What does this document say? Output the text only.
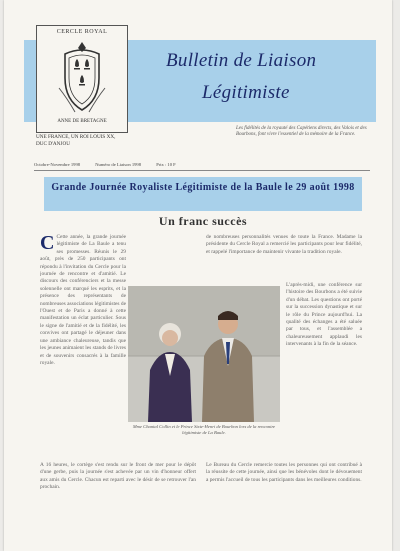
CERCLE ROYAL
ANNE DE BRETAGNE
Bulletin de Liaison
Légitimiste
UNE FRANCE, UN ROI LOUIS XX, DUC D'ANJOU
Les fidélités de la royauté des Capétiens directs, des Valois et des Bourbons, font vivre l'essentiel de la mémoire de la France.
Octobre-Novembre 1998	Numéro de Liaison 1998	Prix : 10 F
Grande Journée Royaliste Légitimiste de la Baule le 29 août 1998
Un franc succès
C Cette année, la grande journée légitimiste de La Baule a tenu ses promesses. Réunis le 29 août, près de 250 participants ont répondu à l'invitation du Cercle pour la journée de rencontre et d'amitié. Le discours des conférenciers et la messe solennelle ont marqué les esprits, et la présence des représentants de nombreuses associations légitimistes de l'Ouest et de Paris a donné à cette manifestation un éclat particulier. Sous le signe de l'amitié et de la fidélité, les convives ont partagé le déjeuner dans une ambiance chaleureuse, tandis que les jeunes animaient les stands de livres et de souvenirs consacrés à la famille royale.
de nombreuses personnalités venues de toute la France. Madame la présidente du Cercle Royal a remercié les participants pour leur fidélité, et rappelé l'importance de maintenir vivante la tradition royale.
L'après-midi, une conférence sur l'histoire des Bourbons a été suivie d'un débat. Les questions ont porté sur la succession dynastique et sur le rôle du Prince aujourd'hui. La qualité des échanges a été saluée par tous, et l'assemblée a chaleureusement applaudi les intervenants à la fin de la séance.
Mme Chantal Collin et le Prince Sixte-Henri de Bourbon lors de la rencontre légitimiste de La Baule.
A 16 heures, le cortège s'est rendu sur le front de mer pour le dépôt d'une gerbe, puis la journée s'est achevée par un vin d'honneur offert aux amis du Cercle. Chacun est reparti avec le désir de se retrouver l'an prochain.
Le Bureau du Cercle remercie toutes les personnes qui ont contribué à la réussite de cette journée, ainsi que les bénévoles dont le dévouement a permis l'accueil de tous les participants dans les meilleures conditions.
